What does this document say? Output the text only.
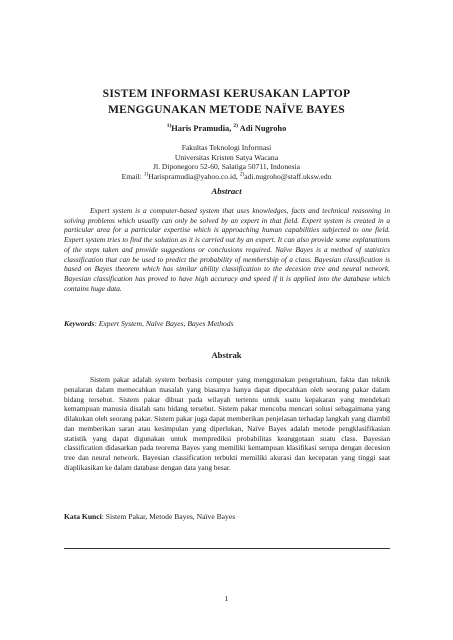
SISTEM INFORMASI KERUSAKAN LAPTOP
MENGGUNAKAN METODE NAÏVE BAYES
$^{1)}$Haris Pramudia, $^{2)}$ Adi Nugroho
Fakultas Teknologi Informasi
Universitas Kristen Satya Wacana
Jl. Diponegoro 52-60, Salatiga 50711, Indonesia
Email: $^{1)}$Harispramudia@yahoo.co.id, $^{2)}$adi.nugroho@staff.uksw.edu
Abstract

Expert system is a computer-based system that uses knowledges, facts and technical reasoning in solving problems which usually can only be solved by an expert in that field. Expert system is created in a particular area for a particular expertise which is approaching human capabilities subjected to one field. Expert system tries to find the solution as it is carried out by an expert. It can also provide some explanations of the steps taken and provide suggestions or conclusions required. Naïve Bayes is a method of statistics classification that can be used to predict the probability of membership of a class. Bayesian classification is based on Bayes theorem which has similar ability classification to the decesion tree and neural network. Bayesian classification has proved to have high accuracy and speed if it is applied into the database which contains huge data.

Keywords: Expert System, Naïve Bayes, Bayes Methods
Abstrak

Sistem pakar adalah system berbasis computer yang menggunakan pengetahuan, fakta dan teknik penalaran dalam memecahkan masalah yang biasanya hanya dapat dipecahkan oleh seorang pakar dalam bidang tersebut. Sistem pakar dibuat pada wilayah tertentu untuk suatu kepakaran yang mendekati kemampuan manusia disalah satu bidang tersebut. Sistem pakar mencoba mencari solusi sebagaimana yang dilakukan oleh seorang pakar. Sistem pakar juga dapat memberikan penjelasan terhadap langkah yang diambil dan memberikan saran atau kesimpulan yang diperlukan, Naïve Bayes adalah metode pengklasifikasian statistik yang dapat digunakan untuk memprediksi probabilitas keanggotaan suatu class. Bayesian classification didasarkan pada teorema Bayes yang memiliki kemampuan klasifikasi serupa dengan decesion tree dan neural network. Bayesian classification terbukti memiliki akurasi dan kecepatan yang tinggi saat diaplikasikan ke dalam database dengan data yang besar.

Kata Kunci: Sistem Pakar, Metode Bayes, Naïve Bayes
1
